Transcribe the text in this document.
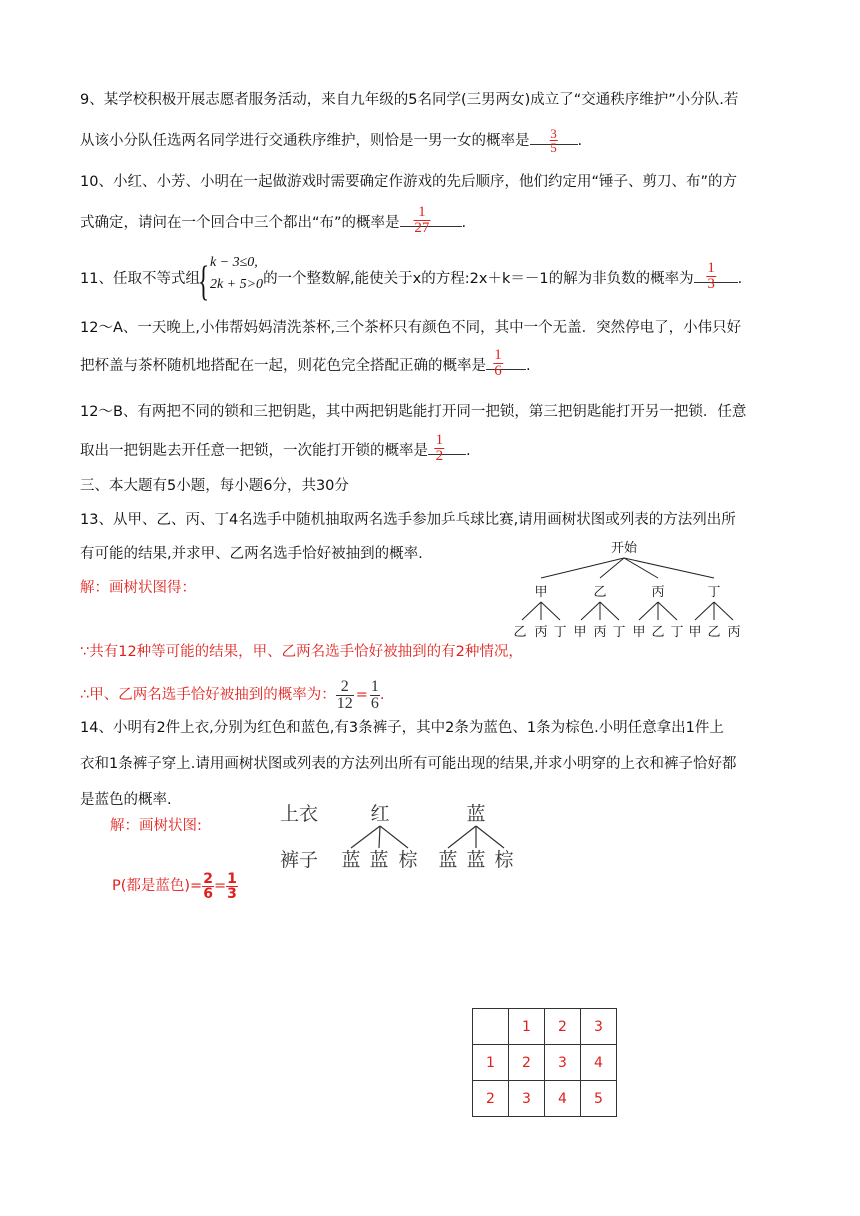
9、某学校积极开展志愿者服务活动，来自九年级的5名同学(三男两女)成立了“交通秩序维护”小分队.若
从该小分队任选两名同学进行交通秩序维护，则恰是一男一女的概率是 $\frac{3}{5}$ .
10、小红、小芳、小明在一起做游戏时需要确定作游戏的先后顺序，他们约定用“锤子、剪刀、布”的方
式确定，请问在一个回合中三个都出“布”的概率是 $\frac{1}{27}$ .
11、任取不等式组
{ k − 3≤0,
2k + 5>0 的一个整数解,能使关于x的方程:2x＋k＝－1的解为非负数的概率为 $\frac{1}{3}$ .
12～A、一天晚上,小伟帮妈妈清洗茶杯,三个茶杯只有颜色不同，其中一个无盖．突然停电了，小伟只好
把杯盖与茶杯随机地搭配在一起，则花色完全搭配正确的概率是 $\frac{1}{6}$ .
12～B、有两把不同的锁和三把钥匙，其中两把钥匙能打开同一把锁，第三把钥匙能打开另一把锁．任意
取出一把钥匙去开任意一把锁，一次能打开锁的概率是 $\frac{1}{2}$ .
三、本大题有5小题，每小题6分，共30分
13、从甲、乙、丙、丁4名选手中随机抽取两名选手参加乒乓球比赛,请用画树状图或列表的方法列出所
有可能的结果,并求甲、乙两名选手恰好被抽到的概率.
解：画树状图得：
开始
甲	乙	丙	丁
乙 丙 丁 甲 丙 丁 甲 乙 丁 甲 乙 丙
∵共有12种等可能的结果，甲、乙两名选手恰好被抽到的有2种情况，
∴甲、乙两名选手恰好被抽到的概率为： $\frac{2}{12} = \frac{1}{6}$ .
14、小明有2件上衣,分别为红色和蓝色,有3条裤子，其中2条为蓝色、1条为棕色.小明任意拿出1件上
衣和1条裤子穿上.请用画树状图或列表的方法列出所有可能出现的结果,并求小明穿的上衣和裤子恰好都
是蓝色的概率.
解：画树状图:
上衣	红	蓝
裤子 蓝 蓝 棕 蓝 蓝 棕
P(都是蓝色)= $\frac{2}{6} = \frac{1}{3}$
	1	2	3
1	2	3	4
2	3	4	5
